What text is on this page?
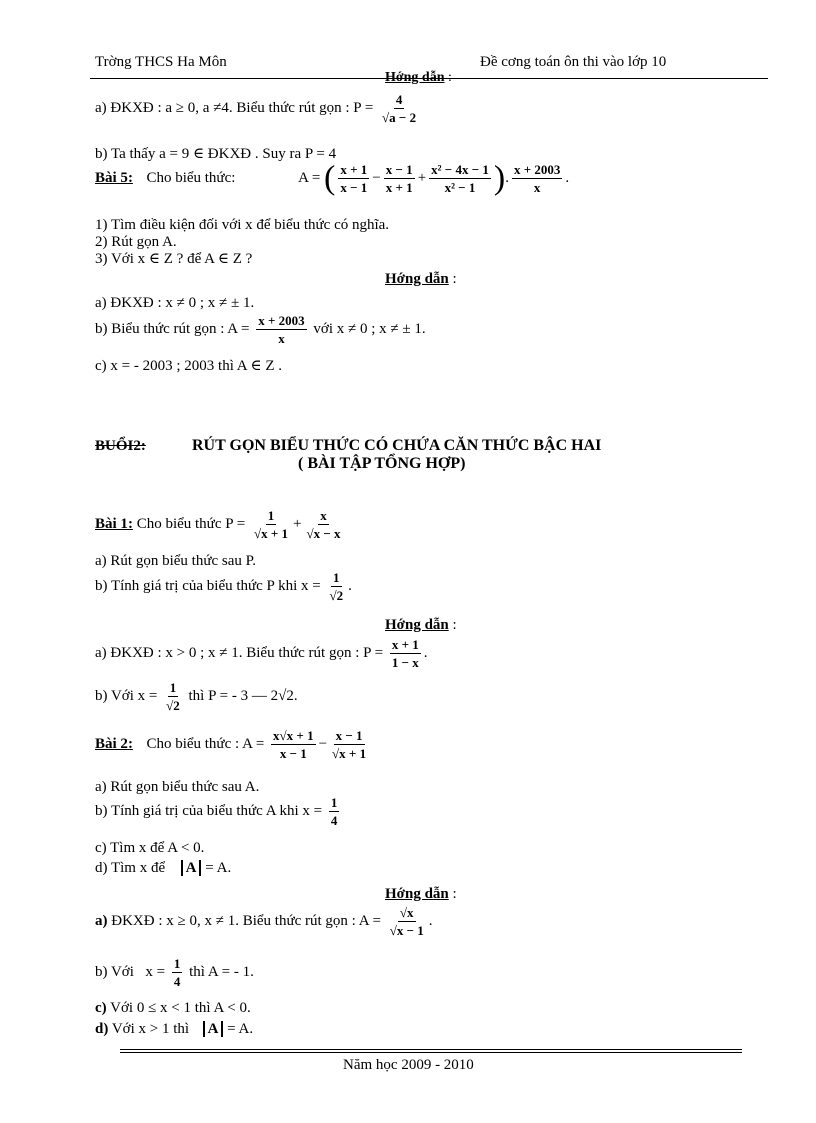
Trờng THCS Ha Môn	Đề cơng toán ôn thi vào lớp 10
Hớng dẫn :
a) ĐKXĐ : a ≥ 0, a ≠4. Biểu thức rút gọn : $P = \frac{4}{√a - 2}$
b) Ta thấy a = 9 ∈ ĐKXĐ . Suy ra P = 4
Bài 5: Cho biểu thức:	A = ( $\frac{x + 1}{x - 1} - \frac{x - 1}{x + 1} + \frac{\text{x² − 4x − 1}}{\text{x² − 1}}$ ). $\frac{x + 2003}{x}$ .
1) Tìm điều kiện đối với x để biểu thức có nghĩa.
2) Rút gọn A.
3) Với x ∈ Z ? để A ∈ Z ?
Hớng dẫn :
a) ĐKXĐ : x ≠ 0 ; x ≠ ± 1.
b) Biểu thức rút gọn : $A = \frac{x + 2003}{x}$ với x ≠ 0 ; x ≠ ± 1.
c) x = - 2003 ; 2003 thì A ∈ Z .
BUỔI2:	RÚT GỌN BIỂU THỨC CÓ CHỨA CĂN THỨC BẬC HAI
( BÀI TẬP TỔNG HỢP)
Bài 1: Cho biểu thức $P = \frac{1}{√x + 1} + \frac{x}{√x - x}$
a) Rút gọn biểu thức sau P.
b) Tính giá trị của biểu thức P khi $x = \frac{1}{√2}$ .
Hớng dẫn :
a) ĐKXĐ : x > 0 ; x ≠ 1. Biểu thức rút gọn : $P = \frac{x + 1}{1 - x}$ .
b) Với $x = \frac{1}{√2}$ thì P = - 3 — 2√2.
Bài 2: Cho biểu thức : $A = \frac{x√x + 1}{x - 1} - \frac{x - 1}{√x + 1}$
a) Rút gọn biểu thức sau A.
b) Tính giá trị của biểu thức A khi $x = \frac{1}{4}$
c) Tìm x để A < 0.
d) Tìm x để A = A.
Hớng dẫn :
a) ĐKXĐ : x ≥ 0, x ≠ 1. Biểu thức rút gọn : $A = \frac{√x}{√x - 1}$ .
b) Với $x = \frac{1}{4}$ thì A = - 1.
c) Với 0 ≤ x < 1 thì A < 0.
d) Với x > 1 thì A = A.
Năm học 2009 - 2010
